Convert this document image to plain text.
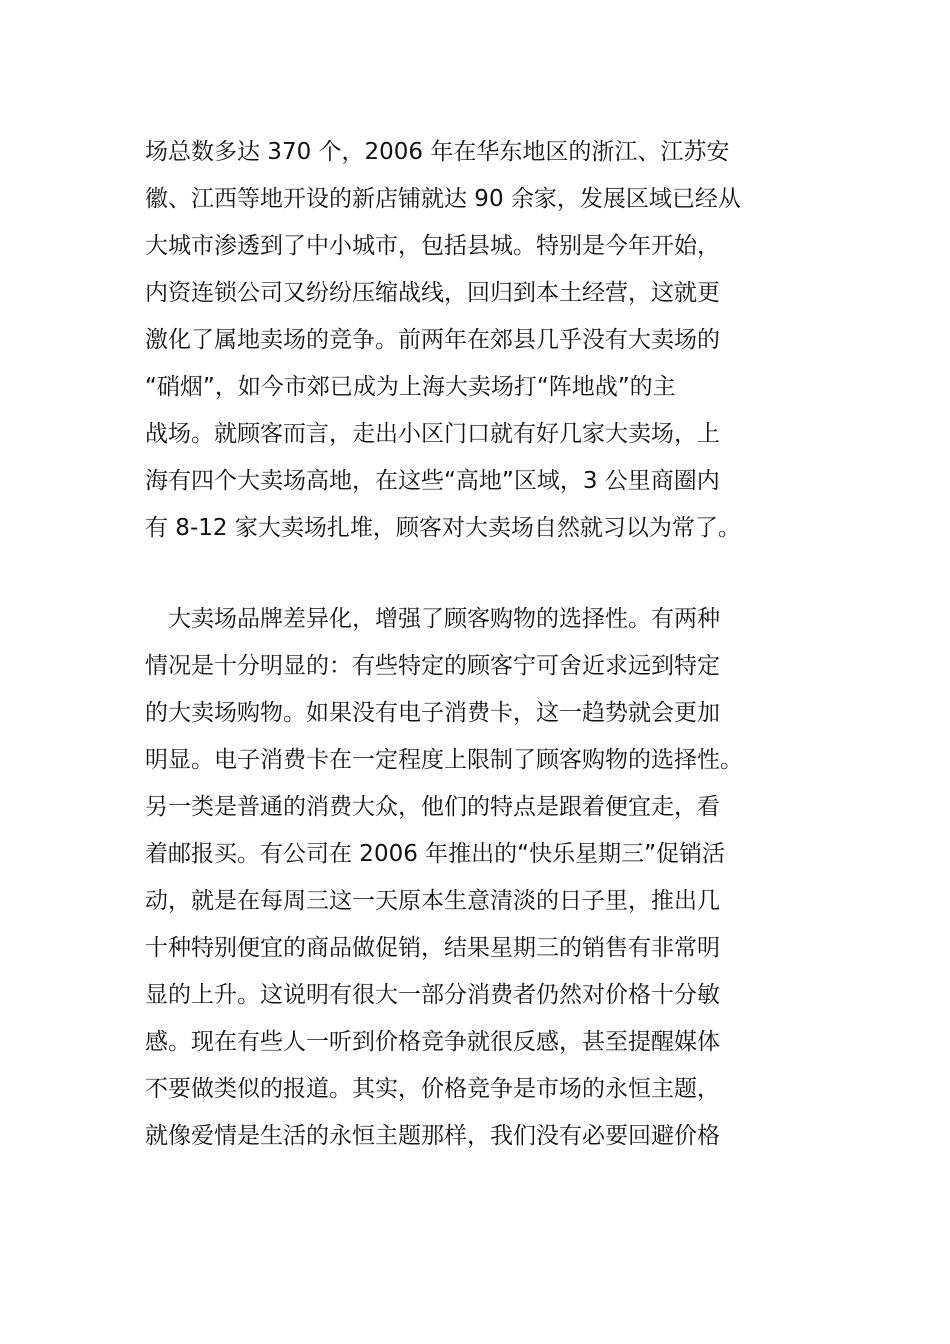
场总数多达 370 个，2006 年在华东地区的浙江、江苏安
徽、江西等地开设的新店铺就达 90 余家，发展区域已经从
大城市渗透到了中小城市，包括县城。特别是今年开始，
内资连锁公司又纷纷压缩战线，回归到本土经营，这就更
激化了属地卖场的竞争。前两年在郊县几乎没有大卖场的
“硝烟”，如今市郊已成为上海大卖场打“阵地战”的主
战场。就顾客而言，走出小区门口就有好几家大卖场，上
海有四个大卖场高地，在这些“高地”区域，3 公里商圈内
有 8-12 家大卖场扎堆，顾客对大卖场自然就习以为常了。
　大卖场品牌差异化，增强了顾客购物的选择性。有两种
情况是十分明显的：有些特定的顾客宁可舍近求远到特定
的大卖场购物。如果没有电子消费卡，这一趋势就会更加
明显。电子消费卡在一定程度上限制了顾客购物的选择性。
另一类是普通的消费大众，他们的特点是跟着便宜走，看
着邮报买。有公司在 2006 年推出的“快乐星期三”促销活
动，就是在每周三这一天原本生意清淡的日子里，推出几
十种特别便宜的商品做促销，结果星期三的销售有非常明
显的上升。这说明有很大一部分消费者仍然对价格十分敏
感。现在有些人一听到价格竞争就很反感，甚至提醒媒体
不要做类似的报道。其实，价格竞争是市场的永恒主题，
就像爱情是生活的永恒主题那样，我们没有必要回避价格
